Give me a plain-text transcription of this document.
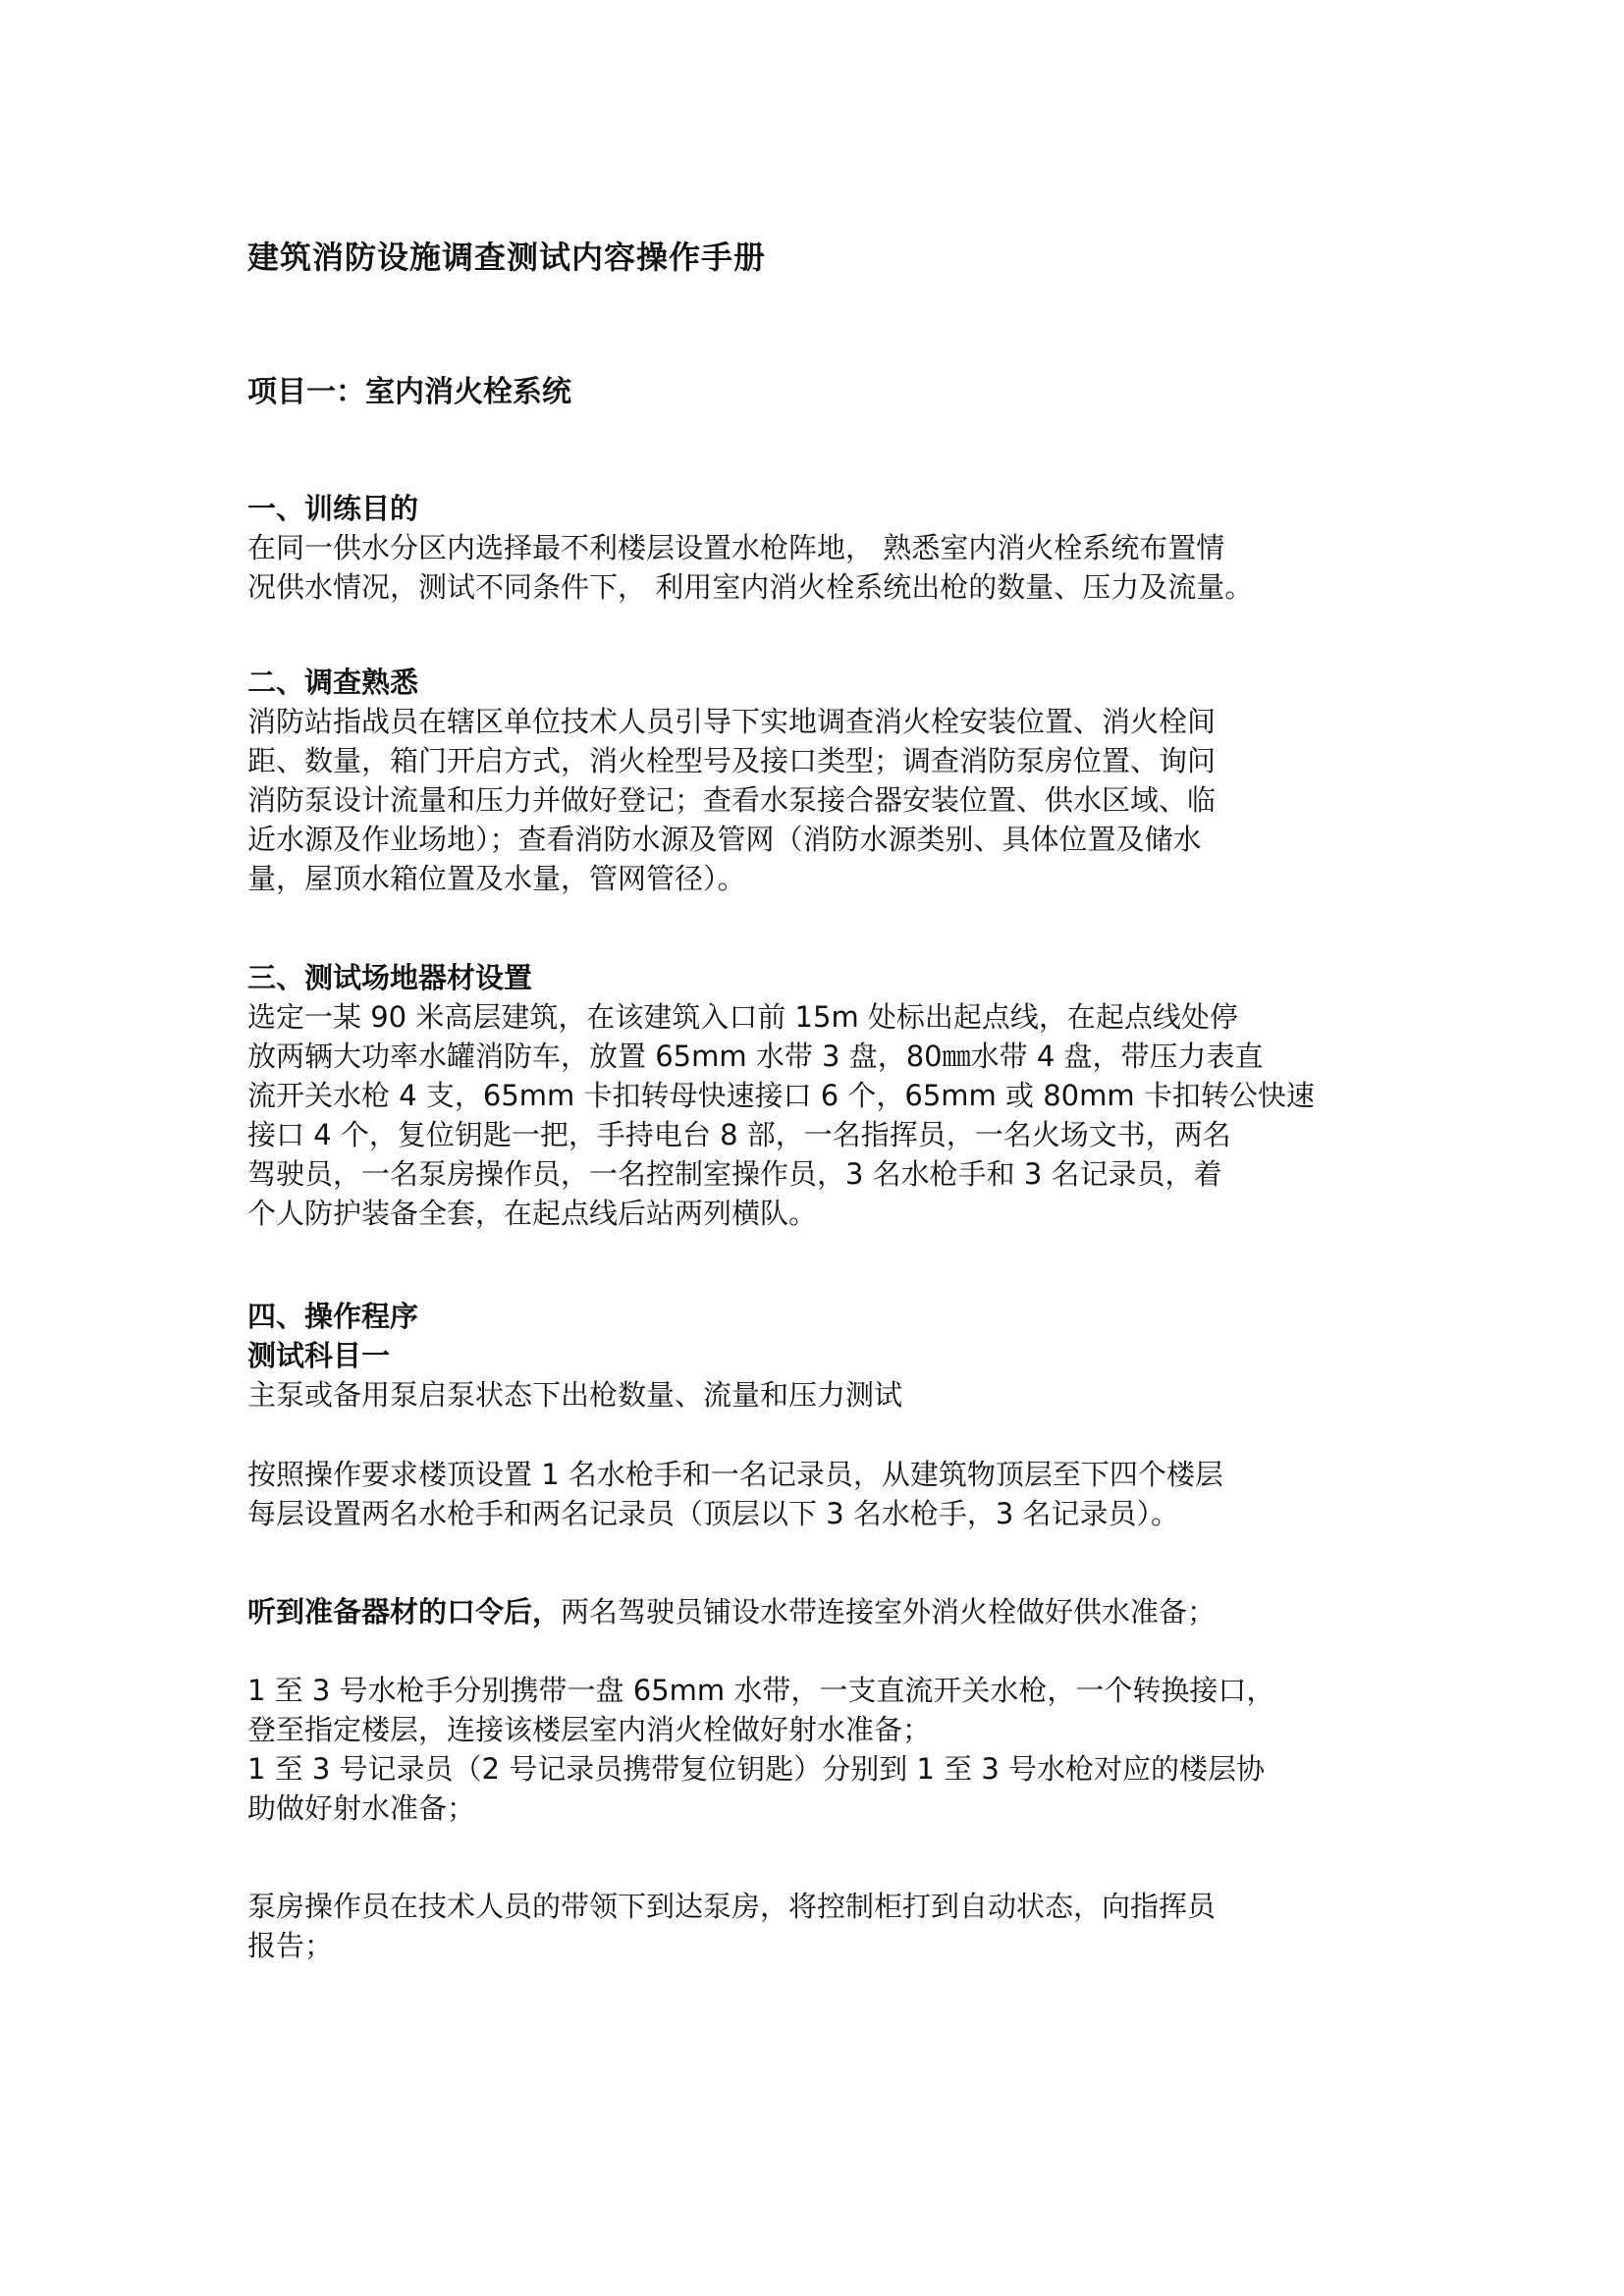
建筑消防设施调查测试内容操作手册
项目一：室内消火栓系统
一、训练目的
在同一供水分区内选择最不利楼层设置水枪阵地， 熟悉室内消火栓系统布置情
况供水情况，测试不同条件下， 利用室内消火栓系统出枪的数量、压力及流量。
二、调查熟悉
消防站指战员在辖区单位技术人员引导下实地调查消火栓安装位置、消火栓间
距、数量，箱门开启方式，消火栓型号及接口类型；调查消防泵房位置、询问
消防泵设计流量和压力并做好登记；查看水泵接合器安装位置、供水区域、临
近水源及作业场地）；查看消防水源及管网（消防水源类别、具体位置及储水
量，屋顶水箱位置及水量，管网管径）。
三、测试场地器材设置
选定一某 90 米高层建筑，在该建筑入口前 15m 处标出起点线，在起点线处停
放两辆大功率水罐消防车，放置 65mm 水带 3 盘，80㎜水带 4 盘，带压力表直
流开关水枪 4 支，65mm 卡扣转母快速接口 6 个，65mm 或 80mm 卡扣转公快速
接口 4 个，复位钥匙一把，手持电台 8 部，一名指挥员，一名火场文书，两名
驾驶员，一名泵房操作员，一名控制室操作员，3 名水枪手和 3 名记录员，着
个人防护装备全套，在起点线后站两列横队。
四、操作程序
测试科目一
主泵或备用泵启泵状态下出枪数量、流量和压力测试
按照操作要求楼顶设置 1 名水枪手和一名记录员，从建筑物顶层至下四个楼层
每层设置两名水枪手和两名记录员（顶层以下 3 名水枪手，3 名记录员）。
听到准备器材的口令后，两名驾驶员铺设水带连接室外消火栓做好供水准备；
1 至 3 号水枪手分别携带一盘 65mm 水带，一支直流开关水枪，一个转换接口，
登至指定楼层，连接该楼层室内消火栓做好射水准备；
1 至 3 号记录员（2 号记录员携带复位钥匙）分别到 1 至 3 号水枪对应的楼层协
助做好射水准备；
泵房操作员在技术人员的带领下到达泵房，将控制柜打到自动状态，向指挥员
报告；
